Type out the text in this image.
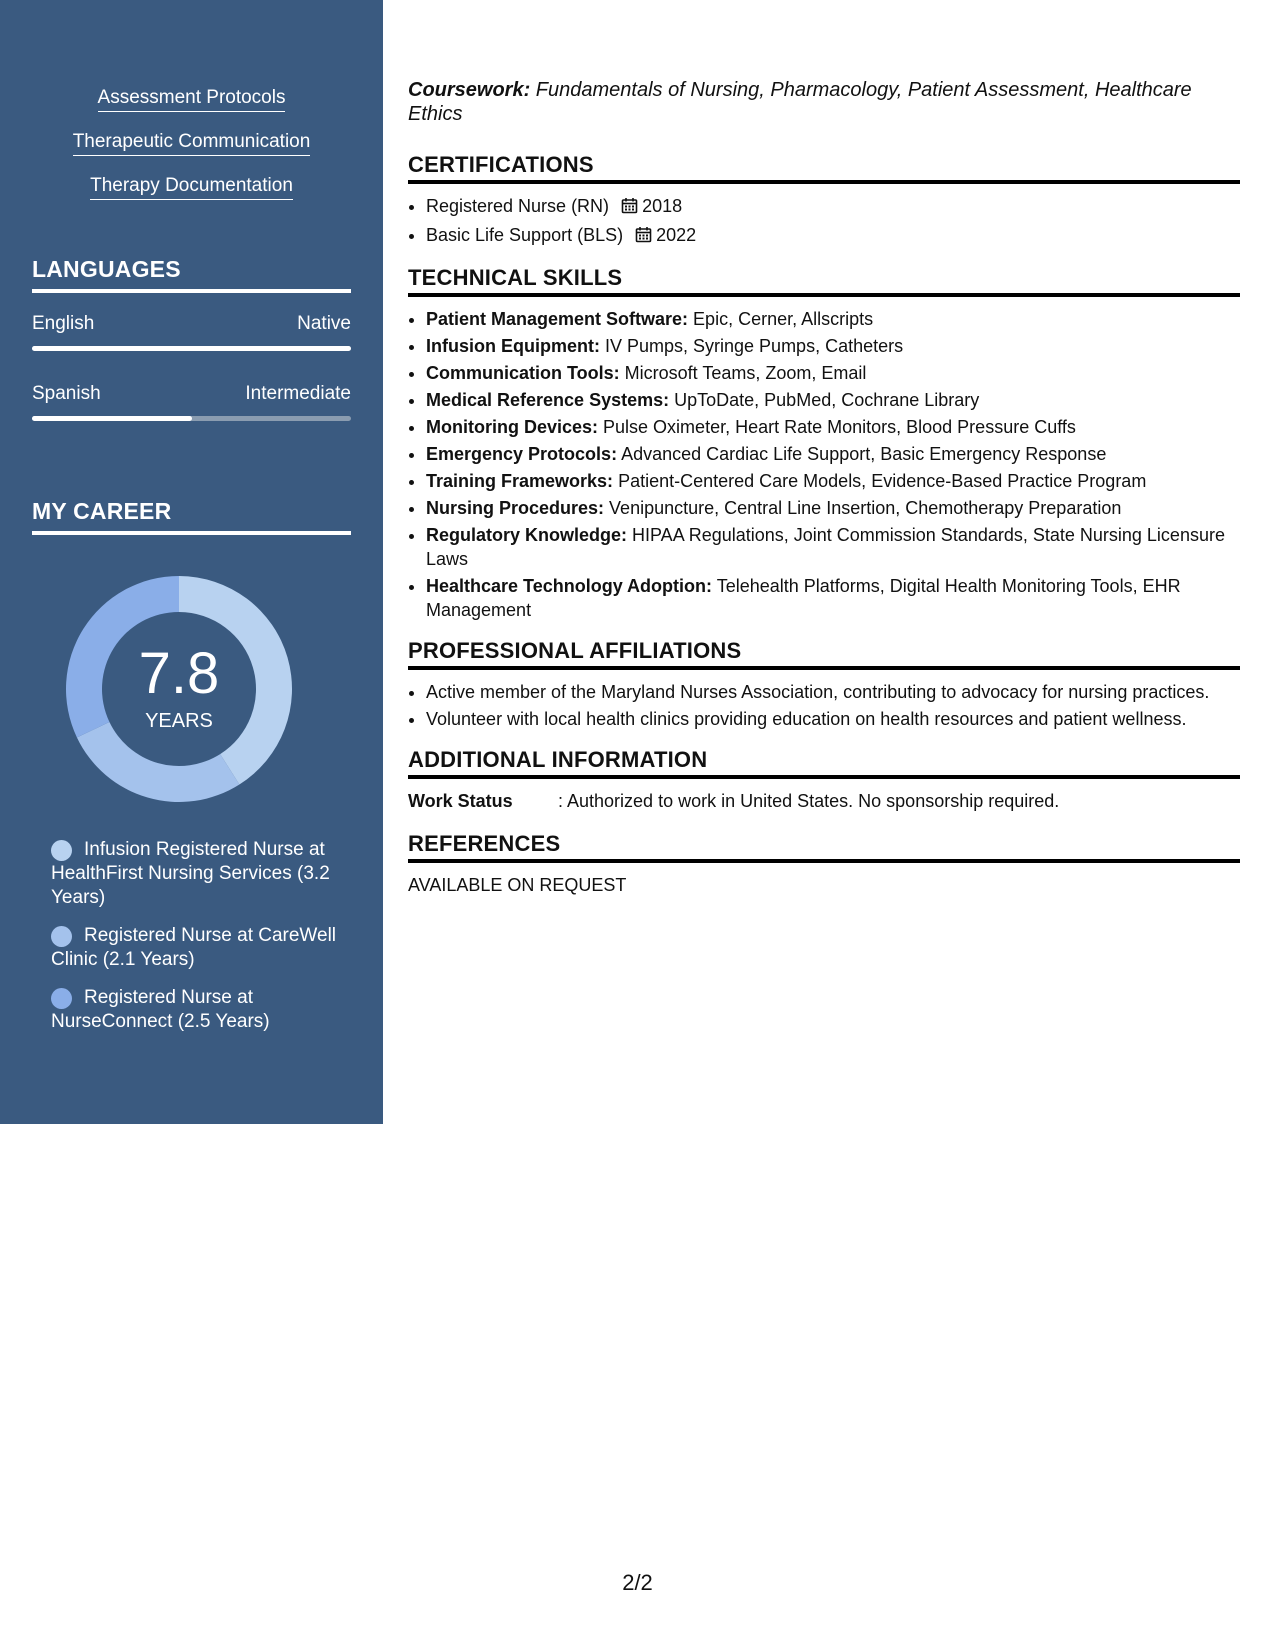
Assessment Protocols
Therapeutic Communication
Therapy Documentation
LANGUAGES
English	Native
Spanish	Intermediate
MY CAREER
7.8
YEARS
Infusion Registered Nurse at HealthFirst Nursing Services (3.2 Years)
Registered Nurse at CareWell Clinic (2.1 Years)
Registered Nurse at NurseConnect (2.5 Years)
Coursework: Fundamentals of Nursing, Pharmacology, Patient Assessment, Healthcare Ethics
CERTIFICATIONS
• Registered Nurse (RN) 2018
• Basic Life Support (BLS) 2022
TECHNICAL SKILLS
• Patient Management Software: Epic, Cerner, Allscripts
• Infusion Equipment: IV Pumps, Syringe Pumps, Catheters
• Communication Tools: Microsoft Teams, Zoom, Email
• Medical Reference Systems: UpToDate, PubMed, Cochrane Library
• Monitoring Devices: Pulse Oximeter, Heart Rate Monitors, Blood Pressure Cuffs
• Emergency Protocols: Advanced Cardiac Life Support, Basic Emergency Response
• Training Frameworks: Patient-Centered Care Models, Evidence-Based Practice Program
• Nursing Procedures: Venipuncture, Central Line Insertion, Chemotherapy Preparation
• Regulatory Knowledge: HIPAA Regulations, Joint Commission Standards, State Nursing Licensure Laws
• Healthcare Technology Adoption: Telehealth Platforms, Digital Health Monitoring Tools, EHR Management
PROFESSIONAL AFFILIATIONS
• Active member of the Maryland Nurses Association, contributing to advocacy for nursing practices.
• Volunteer with local health clinics providing education on health resources and patient wellness.
ADDITIONAL INFORMATION
Work Status	: Authorized to work in United States. No sponsorship required.
REFERENCES
AVAILABLE ON REQUEST
2/2
